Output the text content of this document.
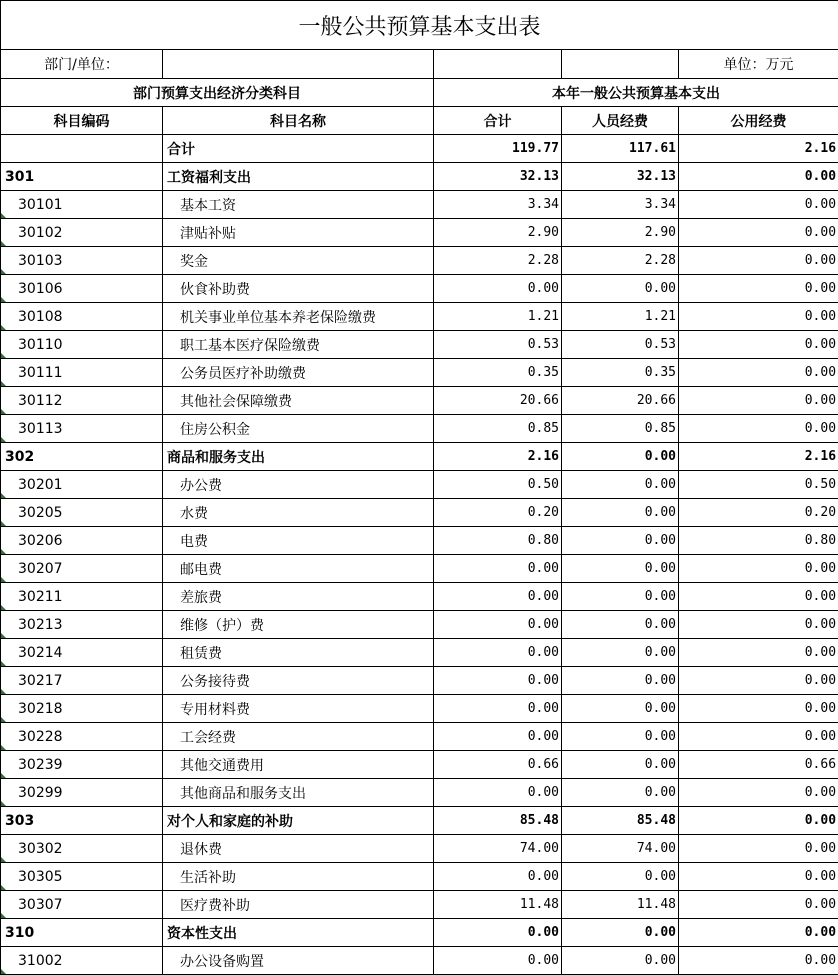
一般公共预算基本支出表				
部门/单位：				单位：万元
部门预算支出经济分类科目		本年一般公共预算基本支出		
科目编码	科目名称	合计	人员经费	公用经费
	合计	119.77	117.61	2.16
301	工资福利支出	32.13	32.13	0.00
30101	基本工资	3.34	3.34	0.00
30102	津贴补贴	2.90	2.90	0.00
30103	奖金	2.28	2.28	0.00
30106	伙食补助费	0.00	0.00	0.00
30108	机关事业单位基本养老保险缴费	1.21	1.21	0.00
30110	职工基本医疗保险缴费	0.53	0.53	0.00
30111	公务员医疗补助缴费	0.35	0.35	0.00
30112	其他社会保障缴费	20.66	20.66	0.00
30113	住房公积金	0.85	0.85	0.00
302	商品和服务支出	2.16	0.00	2.16
30201	办公费	0.50	0.00	0.50
30205	水费	0.20	0.00	0.20
30206	电费	0.80	0.00	0.80
30207	邮电费	0.00	0.00	0.00
30211	差旅费	0.00	0.00	0.00
30213	维修（护）费	0.00	0.00	0.00
30214	租赁费	0.00	0.00	0.00
30217	公务接待费	0.00	0.00	0.00
30218	专用材料费	0.00	0.00	0.00
30228	工会经费	0.00	0.00	0.00
30239	其他交通费用	0.66	0.00	0.66
30299	其他商品和服务支出	0.00	0.00	0.00
303	对个人和家庭的补助	85.48	85.48	0.00
30302	退休费	74.00	74.00	0.00
30305	生活补助	0.00	0.00	0.00
30307	医疗费补助	11.48	11.48	0.00
310	资本性支出	0.00	0.00	0.00
31002	办公设备购置	0.00	0.00	0.00
